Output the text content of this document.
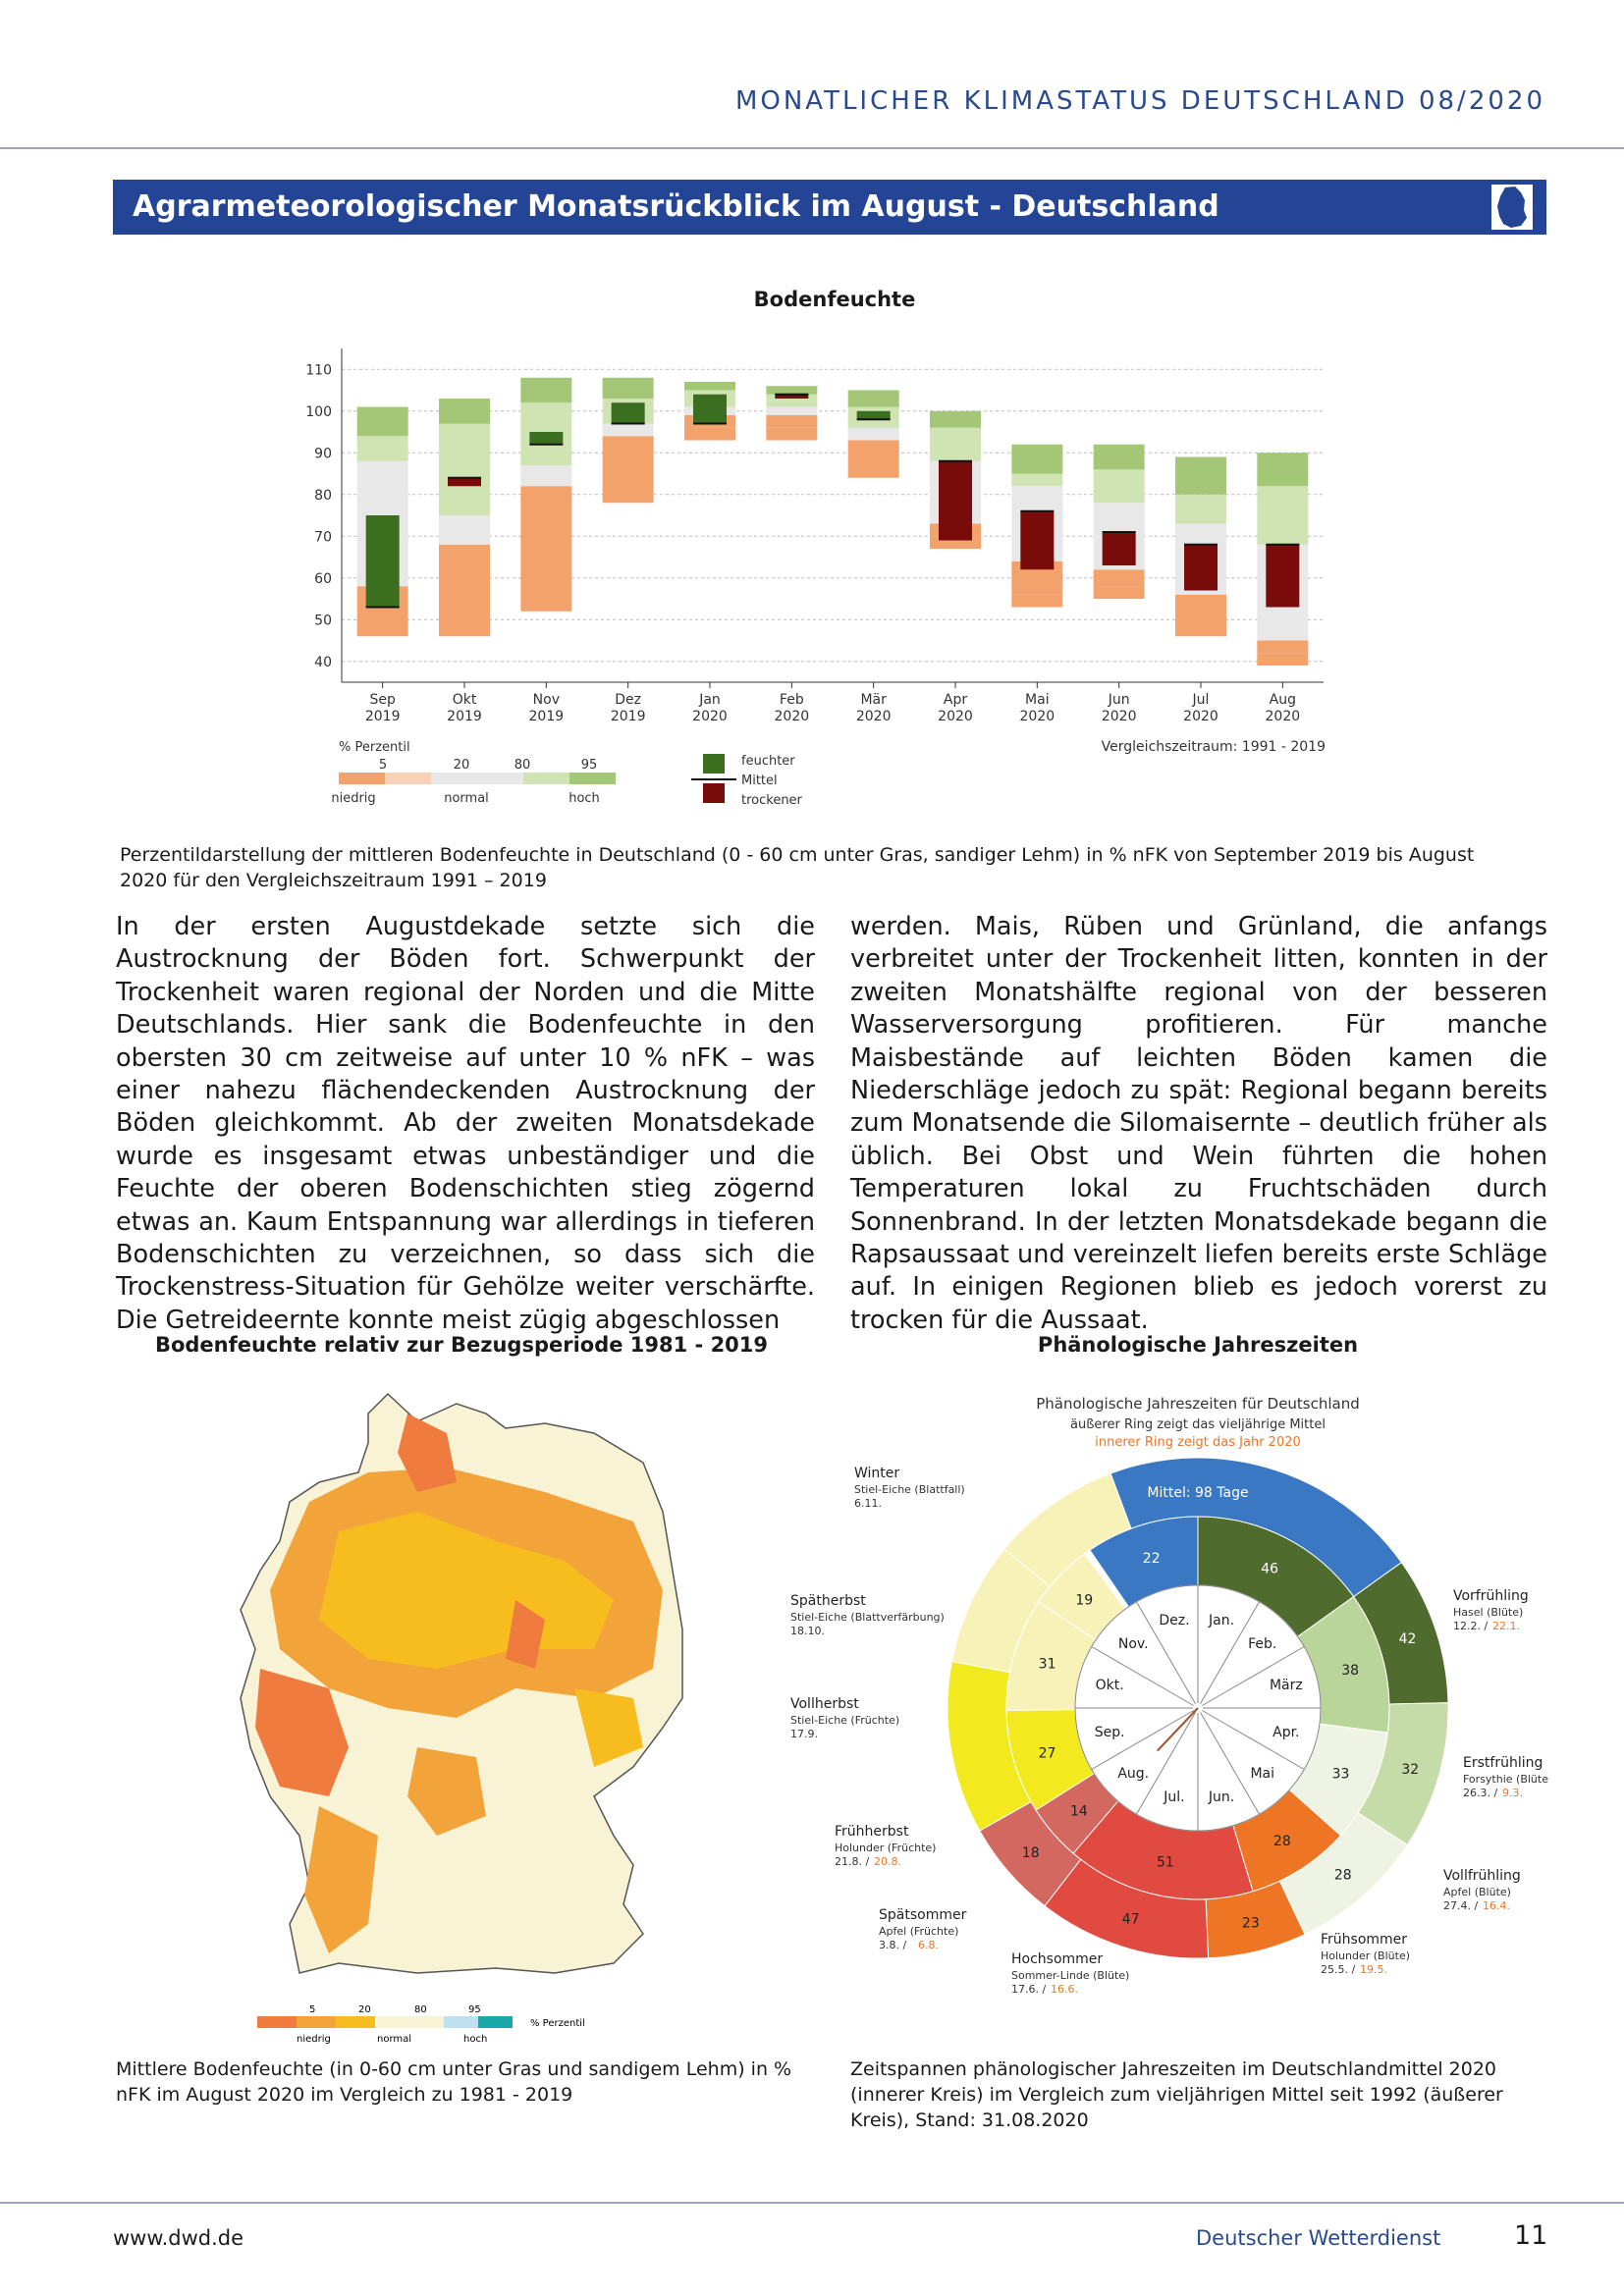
MONATLICHER KLIMASTATUS DEUTSCHLAND 08/2020
Agrarmeteorologischer Monatsrückblick im August - Deutschland
Bodenfeuchte
40
50
60
70
80
90
100
110
Sep
2019
Okt
2019
Nov
2019
Dez
2019
Jan
2020
Feb
2020
Mär
2020
Apr
2020
Mai
2020
Jun
2020
Jul
2020
Aug
2020
% Perzentil
5	20	80	95
niedrig	normal	hoch
feuchter
Mittel
trockener
Vergleichszeitraum: 1991 - 2019
Perzentildarstellung der mittleren Bodenfeuchte in Deutschland (0 - 60 cm unter Gras, sandiger Lehm) in % nFK von September 2019 bis August 2020 für den Vergleichszeitraum 1991 – 2019

In der ersten Augustdekade setzte sich die Austrocknung der Böden fort. Schwerpunkt der Trockenheit waren regional der Norden und die Mitte Deutschlands. Hier sank die Bodenfeuchte in den obersten 30 cm zeitweise auf unter 10 % nFK – was einer nahezu flächendeckenden Austrocknung der Böden gleichkommt. Ab der zweiten Monatsdekade wurde es insgesamt etwas unbeständiger und die Feuchte der oberen Bodenschichten stieg zögernd etwas an. Kaum Entspannung war allerdings in tieferen Bodenschichten zu verzeichnen, so dass sich die Trockenstress-Situation für Gehölze weiter verschärfte. Die Getreideernte konnte meist zügig abgeschlossen

werden. Mais, Rüben und Grünland, die anfangs verbreitet unter der Trockenheit litten, konnten in der zweiten Monatshälfte regional von der besseren Wasserversorgung profitieren. Für manche Maisbestände auf leichten Böden kamen die Niederschläge jedoch zu spät: Regional begann bereits zum Monatsende die Silomaisernte – deutlich früher als üblich. Bei Obst und Wein führten die hohen Temperaturen lokal zu Fruchtschäden durch Sonnenbrand. In der letzten Monatsdekade begann die Rapsaussaat und vereinzelt liefen bereits erste Schläge auf. In einigen Regionen blieb es jedoch vorerst zu trocken für die Aussaat.

Bodenfeuchte relativ zur Bezugsperiode 1981 - 2019
5	20	80	95
% Perzentil
niedrig	normal	hoch
Mittlere Bodenfeuchte (in 0-60 cm unter Gras und sandigem Lehm) in % nFK im August 2020 im Vergleich zu 1981 - 2019
Phänologische Jahreszeiten
Phänologische Jahreszeiten für Deutschland
äußerer Ring zeigt das vieljährige Mittel
innerer Ring zeigt das Jahr 2020
Mittel: 98 Tage
22
46
38
33
28
51
14
27
31
19
42
32
28
23
47
18
Jan.
Feb.
März
Apr.
Mai
Jun.
Jul.
Aug.
Sep.
Okt.
Nov.
Dez.
Winter
Stiel-Eiche (Blattfall)
6.11.
Vorfrühling
Hasel (Blüte)
12.2. / 22.1.
Spätherbst
Stiel-Eiche (Blattverfärbung)
18.10.
Erstfrühling
Forsythie (Blüte
26.3. / 9.3.
Vollherbst
Stiel-Eiche (Früchte)
17.9.
Frühherbst
Holunder (Früchte)
21.8. / 20.8.
Vollfrühling
Apfel (Blüte)
27.4. / 16.4.
Spätsommer
Apfel (Früchte)
3.8. / 6.8.	Frühsommer
Holunder (Blüte)
25.5. / 19.5.
Hochsommer
Sommer-Linde (Blüte)
17.6. / 16.6.
Zeitspannen phänologischer Jahreszeiten im Deutschlandmittel 2020 (innerer Kreis) im Vergleich zum vieljährigen Mittel seit 1992 (äußerer Kreis), Stand: 31.08.2020
www.dwd.de	Deutscher Wetterdienst	11
